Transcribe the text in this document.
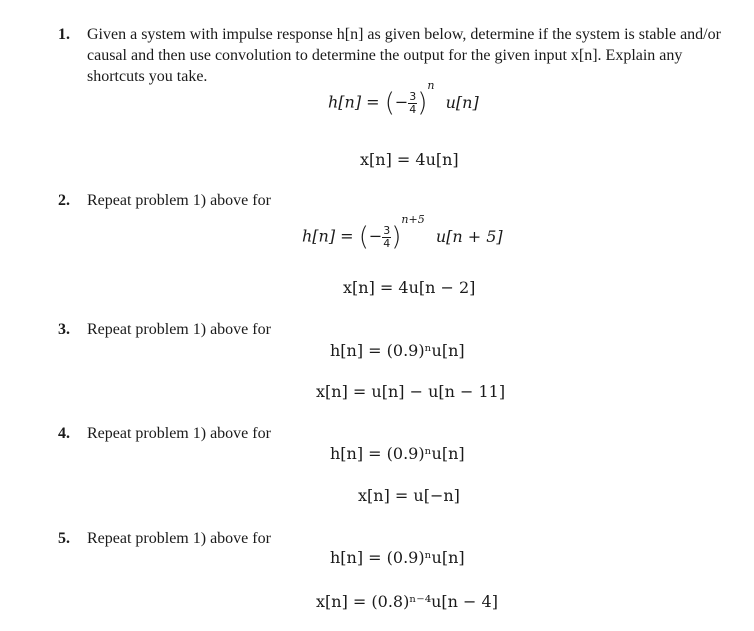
1. Given a system with impulse response h[n] as given below, determine if the system is stable and/or causal and then use convolution to determine the output for the given input x[n]. Explain any shortcuts you take.
h[n] = (− $\frac{3}{4} )^n$ u[n]
x[n] = 4u[n]
2. Repeat problem 1) above for
h[n] = (− $\frac{3}{4} )^{n+5}$ u[n + 5]
x[n] = 4u[n − 2]
3. Repeat problem 1) above for
h[n] = (0.9)ⁿu[n]
x[n] = u[n] − u[n − 11]
4. Repeat problem 1) above for
h[n] = (0.9)ⁿu[n]
x[n] = u[−n]
5. Repeat problem 1) above for
h[n] = (0.9)ⁿu[n]
x[n] = (0.8)ⁿ⁻⁴u[n − 4]
